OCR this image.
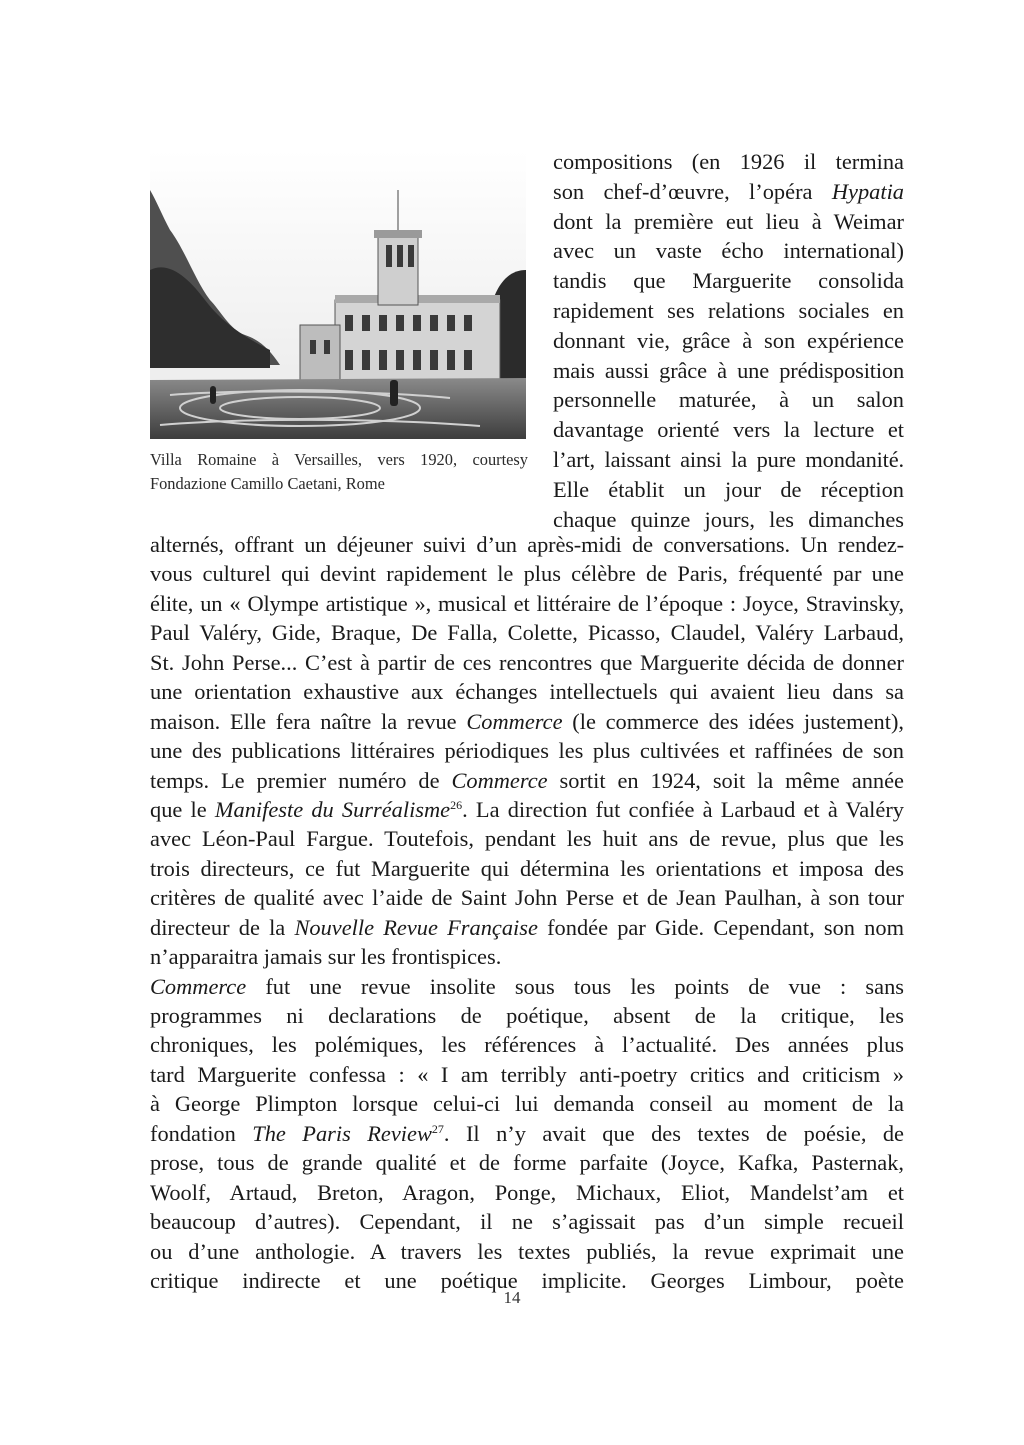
Villa Romaine à Versailles, vers 1920, courtesy
Fondazione Camillo Caetani, Rome
compositions (en 1926 il termina
son chef-d’œuvre, l’opéra Hypatia
dont la première eut lieu à Weimar
avec un vaste écho international)
tandis que Marguerite consolida
rapidement ses relations sociales en
donnant vie, grâce à son expérience
mais aussi grâce à une prédisposition
personnelle maturée, à un salon
davantage orienté vers la lecture et
l’art, laissant ainsi la pure mondanité.
Elle établit un jour de réception
chaque quinze jours, les dimanches
alternés, offrant un déjeuner suivi d’un après-midi de conversations. Un rendez-
vous culturel qui devint rapidement le plus célèbre de Paris, fréquenté par une
élite, un « Olympe artistique », musical et littéraire de l’époque : Joyce, Stravinsky,
Paul Valéry, Gide, Braque, De Falla, Colette, Picasso, Claudel, Valéry Larbaud,
St. John Perse... C’est à partir de ces rencontres que Marguerite décida de donner
une orientation exhaustive aux échanges intellectuels qui avaient lieu dans sa
maison. Elle fera naître la revue Commerce (le commerce des idées justement),
une des publications littéraires périodiques les plus cultivées et raffinées de son
temps. Le premier numéro de Commerce sortit en 1924, soit la même année
que le Manifeste du Surréalisme$^{26}$. La direction fut confiée à Larbaud et à Valéry
avec Léon-Paul Fargue. Toutefois, pendant les huit ans de revue, plus que les
trois directeurs, ce fut Marguerite qui détermina les orientations et imposa des
critères de qualité avec l’aide de Saint John Perse et de Jean Paulhan, à son tour
directeur de la Nouvelle Revue Française fondée par Gide. Cependant, son nom
n’apparaitra jamais sur les frontispices.
Commerce fut une revue insolite sous tous les points de vue : sans
programmes ni declarations de poétique, absent de la critique, les
chroniques, les polémiques, les références à l’actualité. Des années plus
tard Marguerite confessa : « I am terribly anti-poetry critics and criticism »
à George Plimpton lorsque celui-ci lui demanda conseil au moment de la
fondation The Paris Review$^{27}$. Il n’y avait que des textes de poésie, de
prose, tous de grande qualité et de forme parfaite (Joyce, Kafka, Pasternak,
Woolf, Artaud, Breton, Aragon, Ponge, Michaux, Eliot, Mandelst’am et
beaucoup d’autres). Cependant, il ne s’agissait pas d’un simple recueil
ou d’une anthologie. A travers les textes publiés, la revue exprimait une
critique indirecte et une poétique implicite. Georges Limbour, poète
14
